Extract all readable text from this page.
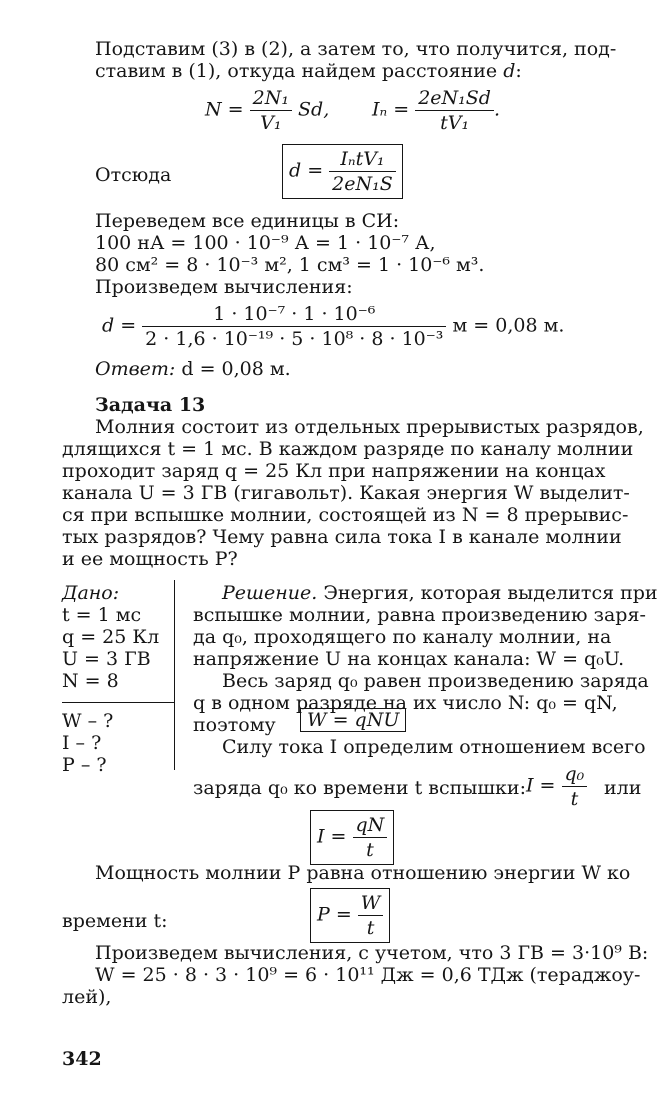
Подставим (3) в (2), а затем то, что получится, под-
ставим в (1), откуда найдем расстояние d:
$N = \frac{\text{2N₁}}{\text{V₁}} Sd$, $I_n = \frac{\text{2eN₁Sd}}{\text{tV₁}}$ .
Отсюда	$d = \frac{\text{IₙtV₁}}{\text{2eN₁S}}$
Переведем все единицы в СИ:
100 нА = 100 · 10⁻⁹ А = 1 · 10⁻⁷ А,
80 см² = 8 · 10⁻³ м², 1 см³ = 1 · 10⁻⁶ м³.
Произведем вычисления:
$d = \frac{\text{1 · 10⁻⁷ · 1 · 10⁻⁶}}{\text{2 · 1,6 · 10⁻¹⁹ · 5 · 10⁸ · 8 · 10⁻³}}$ м = 0,08 м.
Ответ: d = 0,08 м.
Задача 13
Молния состоит из отдельных прерывистых разрядов,
длящихся t = 1 мс. В каждом разряде по каналу молнии
проходит заряд q = 25 Кл при напряжении на концах
канала U = 3 ГВ (гигавольт). Какая энергия W выделит-
ся при вспышке молнии, состоящей из N = 8 прерывис-
тых разрядов? Чему равна сила тока I в канале молнии
и ее мощность P?
Дано:
t = 1 мс
q = 25 Кл
U = 3 ГВ
N = 8
W – ?
I – ?
P – ?
Решение. Энергия, которая выделится при
вспышке молнии, равна произведению заря-
да q₀, проходящего по каналу молнии, на
напряжение U на концах канала: W = q₀U.
Весь заряд q₀ равен произведению заряда
q в одном разряде на их число N: q₀ = qN,
поэтому	W = qNU
Силу тока I определим отношением всего
заряда q₀ ко времени t вспышки: $I = \frac{\text{q₀}}{t}$ или
$I = \frac{qN}{t}$
Мощность молнии P равна отношению энергии W ко
времени t:	$P = \frac{W}{t}$
Произведем вычисления, с учетом, что 3 ГВ = 3·10⁹ В:
W = 25 · 8 · 3 · 10⁹ = 6 · 10¹¹ Дж = 0,6 ТДж (тераджоу-
лей),
342
